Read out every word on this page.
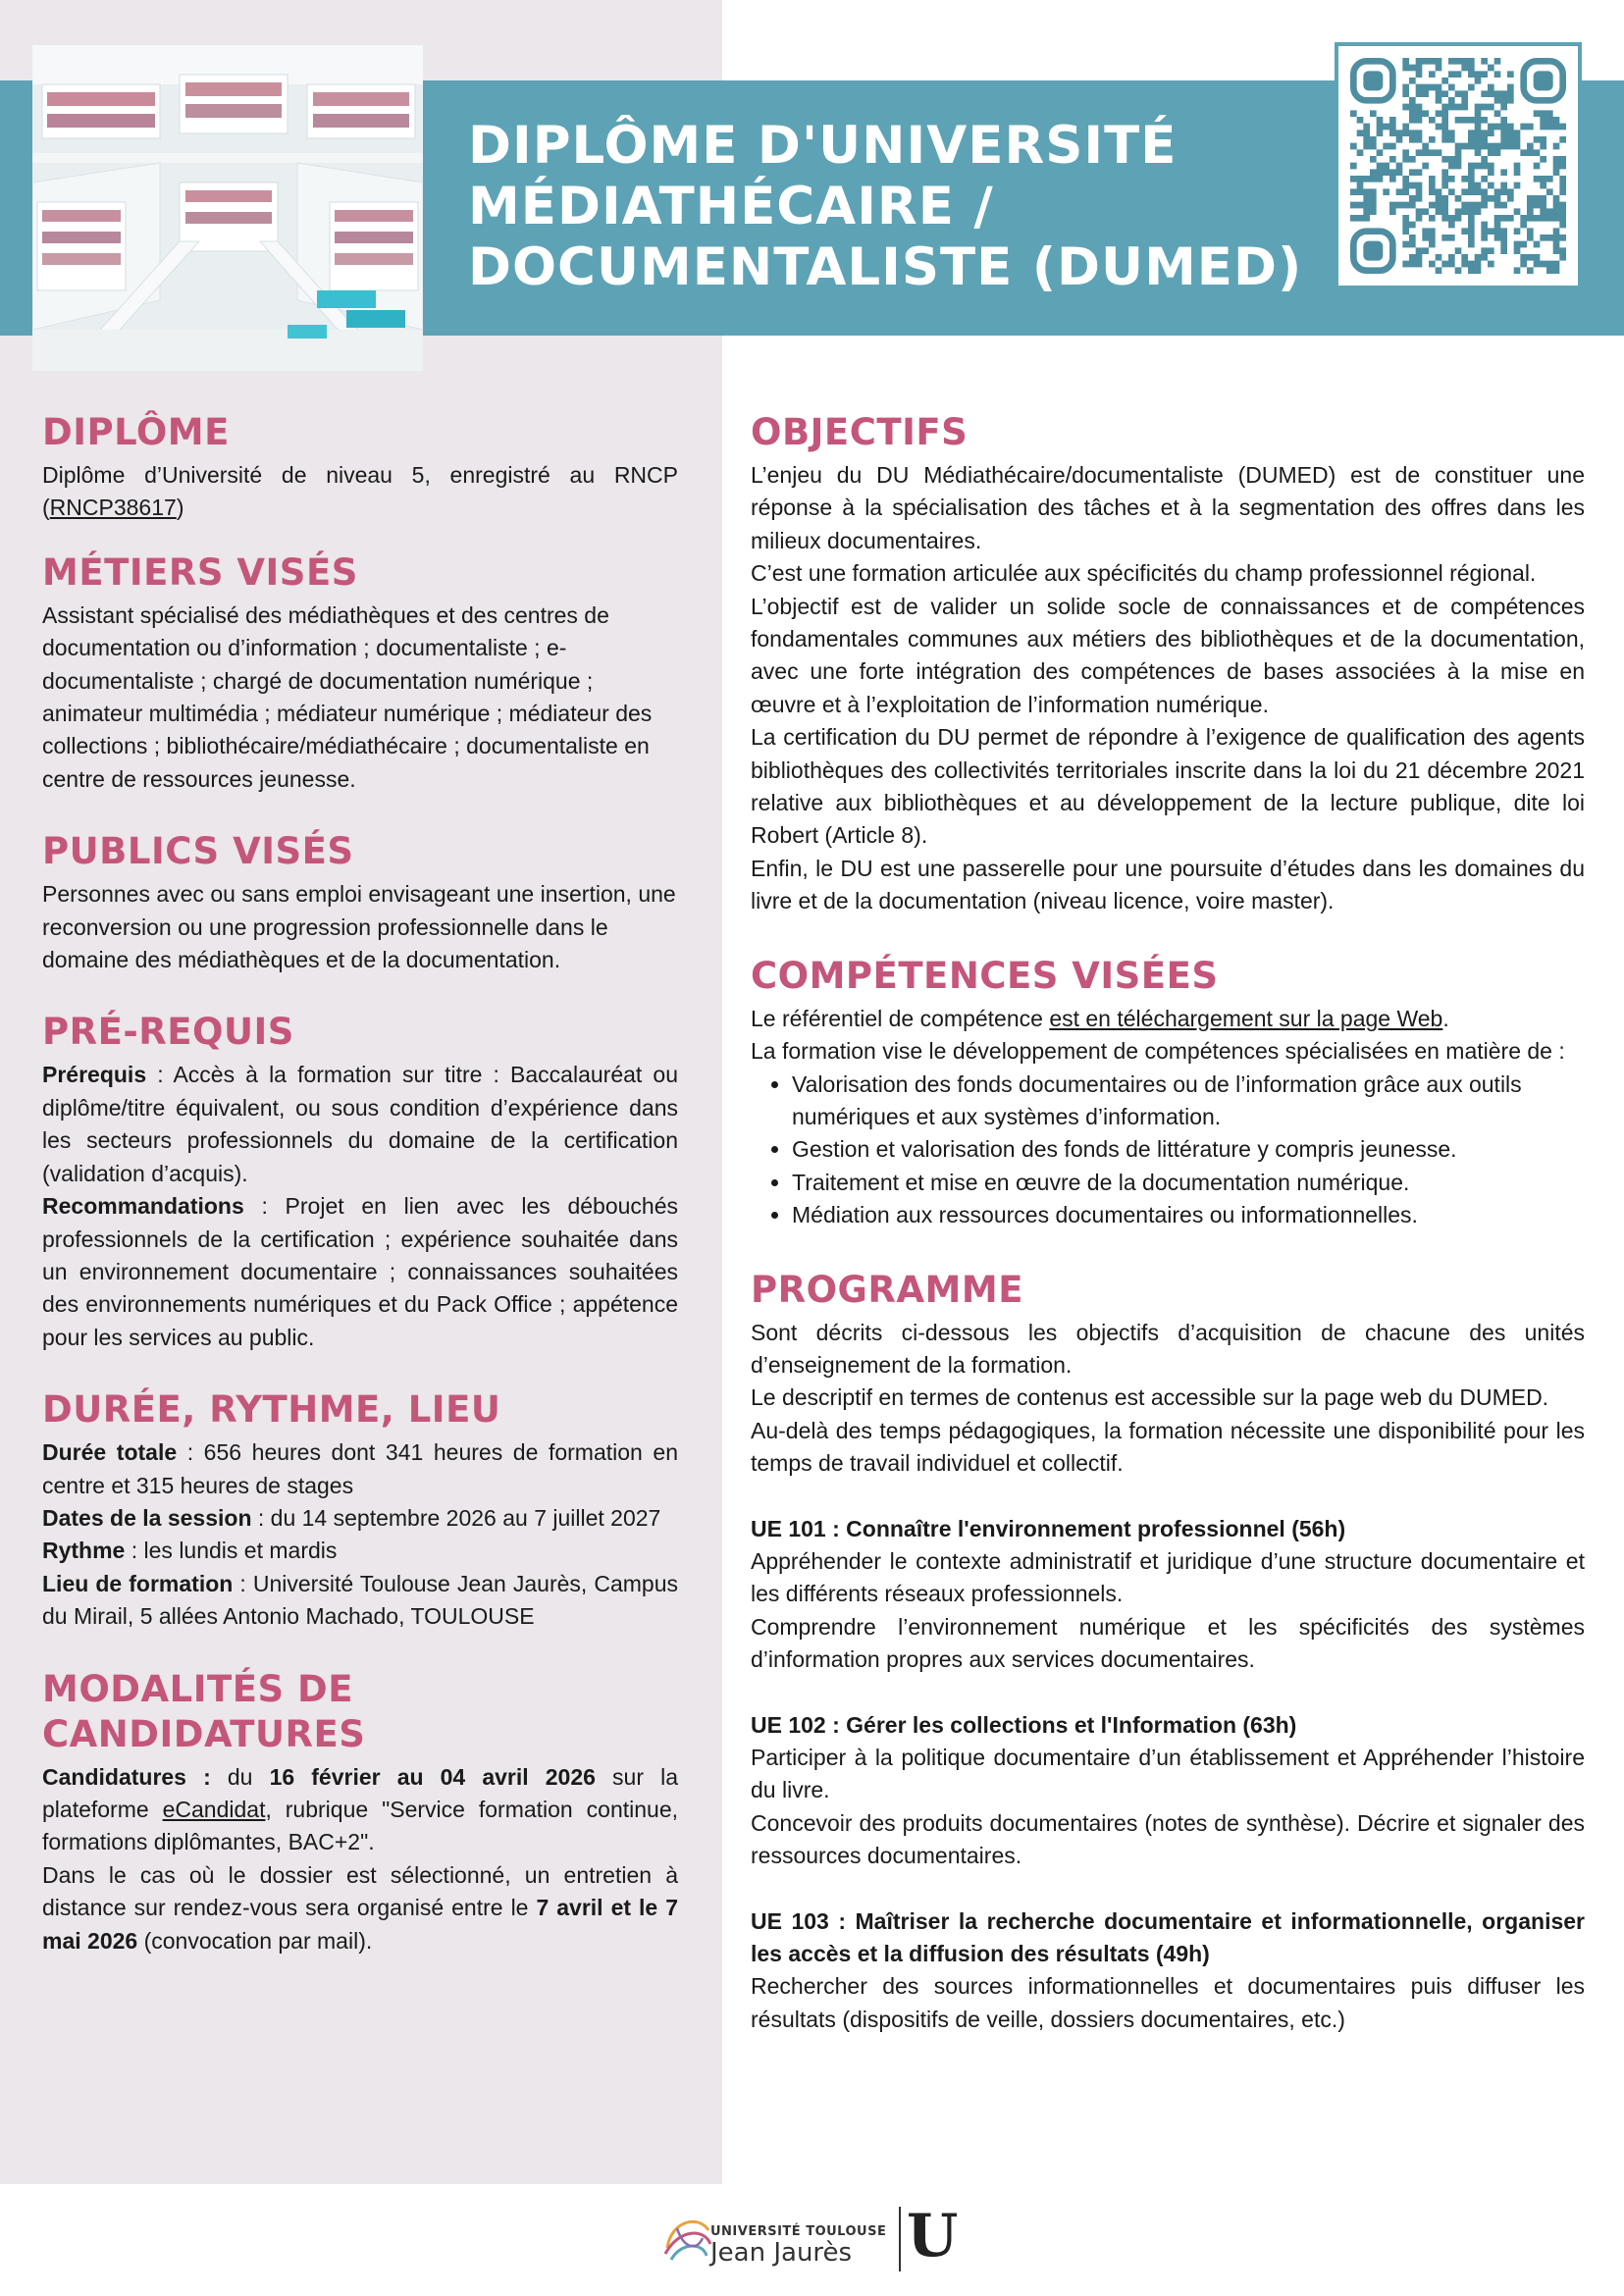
DIPLÔME D'UNIVERSITÉ
MÉDIATHÉCAIRE /
DOCUMENTALISTE (DUMED)
DIPLÔME

Diplôme d’Université de niveau 5, enregistré au RNCP (RNCP38617)

MÉTIERS VISÉS

Assistant spécialisé des médiathèques et des centres de documentation ou d’information ; documentaliste ; e-documentaliste ; chargé de documentation numérique ; animateur multimédia ; médiateur numérique ; médiateur des collections ; bibliothécaire/médiathécaire ; documentaliste en centre de ressources jeunesse.

PUBLICS VISÉS

Personnes avec ou sans emploi envisageant une insertion, une reconversion ou une progression professionnelle dans le domaine des médiathèques et de la documentation.

PRÉ-REQUIS

Prérequis : Accès à la formation sur titre : Baccalauréat ou diplôme/titre équivalent, ou sous condition d’expérience dans les secteurs professionnels du domaine de la certification (validation d’acquis).

Recommandations : Projet en lien avec les débouchés professionnels de la certification ; expérience souhaitée dans un environnement documentaire ; connaissances souhaitées des environnements numériques et du Pack Office ; appétence pour les services au public.

DURÉE, RYTHME, LIEU

Durée totale : 656 heures dont 341 heures de formation en centre et 315 heures de stages

Dates de la session : du 14 septembre 2026 au 7 juillet 2027

Rythme : les lundis et mardis

Lieu de formation : Université Toulouse Jean Jaurès, Campus du Mirail, 5 allées Antonio Machado, TOULOUSE

MODALITÉS DE CANDIDATURES

Candidatures : du 16 février au 04 avril 2026 sur la plateforme eCandidat, rubrique "Service formation continue, formations diplômantes, BAC+2".

Dans le cas où le dossier est sélectionné, un entretien à distance sur rendez-vous sera organisé entre le 7 avril et le 7 mai 2026 (convocation par mail).

OBJECTIFS

L’enjeu du DU Médiathécaire/documentaliste (DUMED) est de constituer une réponse à la spécialisation des tâches et à la segmentation des offres dans les milieux documentaires.

C’est une formation articulée aux spécificités du champ professionnel régional.

L’objectif est de valider un solide socle de connaissances et de compétences fondamentales communes aux métiers des bibliothèques et de la documentation, avec une forte intégration des compétences de bases associées à la mise en œuvre et à l’exploitation de l’information numérique.

La certification du DU permet de répondre à l’exigence de qualification des agents bibliothèques des collectivités territoriales inscrite dans la loi du 21 décembre 2021 relative aux bibliothèques et au développement de la lecture publique, dite loi Robert (Article 8).

Enfin, le DU est une passerelle pour une poursuite d’études dans les domaines du livre et de la documentation (niveau licence, voire master).

COMPÉTENCES VISÉES

Le référentiel de compétence est en téléchargement sur la page Web.

La formation vise le développement de compétences spécialisées en matière de :

• Valorisation des fonds documentaires ou de l’information grâce aux outils numériques et aux systèmes d’information.
• Gestion et valorisation des fonds de littérature y compris jeunesse.
• Traitement et mise en œuvre de la documentation numérique.
• Médiation aux ressources documentaires ou informationnelles.
PROGRAMME

Sont décrits ci-dessous les objectifs d’acquisition de chacune des unités d’enseignement de la formation.

Le descriptif en termes de contenus est accessible sur la page web du DUMED.

Au-delà des temps pédagogiques, la formation nécessite une disponibilité pour les temps de travail individuel et collectif.

UE 101 : Connaître l'environnement professionnel (56h)

Appréhender le contexte administratif et juridique d’une structure documentaire et les différents réseaux professionnels.

Comprendre l’environnement numérique et les spécificités des systèmes d’information propres aux services documentaires.

UE 102 : Gérer les collections et l'Information (63h)

Participer à la politique documentaire d’un établissement et Appréhender l’histoire du livre.

Concevoir des produits documentaires (notes de synthèse). Décrire et signaler des ressources documentaires.

UE 103 : Maîtriser la recherche documentaire et informationnelle, organiser les accès et la diffusion des résultats (49h)

Rechercher des sources informationnelles et documentaires puis diffuser les résultats (dispositifs de veille, dossiers documentaires, etc.)

UNIVERSITÉ TOULOUSE
Jean Jaurès U
